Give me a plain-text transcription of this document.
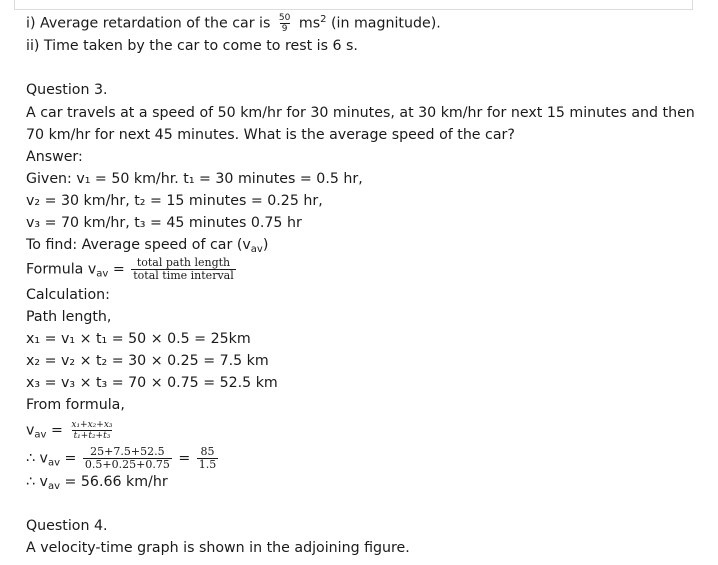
i) Average retardation of the car is $\frac{50}{9} ms^2$ (in magnitude).
ii) Time taken by the car to come to rest is 6 s.
Question 3.
A car travels at a speed of 50 km/hr for 30 minutes, at 30 km/hr for next 15 minutes and then 70 km/hr for next 45 minutes. What is the average speed of the car?
Answer:
Given: v₁ = 50 km/hr. t₁ = 30 minutes = 0.5 hr,
v₂ = 30 km/hr, t₂ = 15 minutes = 0.25 hr,
v₃ = 70 km/hr, t₃ = 45 minutes 0.75 hr
To find: Average speed of car $(v_{av})$
Formula $v_{av} = \frac{\text{total path length}}{\text{total time interval}}$
Calculation:
Path length,
x₁ = v₁ × t₁ = 50 × 0.5 = 25km
x₂ = v₂ × t₂ = 30 × 0.25 = 7.5 km
x₃ = v₃ × t₃ = 70 × 0.75 = 52.5 km
From formula,
$v_{av} = \frac{\text{x₁+x₂+x₃}}{\text{t₁+t₂+t₃}}$
∴ $v_{av} = \frac{25+7.5+52.5}{0.5+0.25+0.75} = \frac{85}{1.5}$
∴ $v_{av} = 56.66$ km/hr
Question 4.
A velocity-time graph is shown in the adjoining figure.
